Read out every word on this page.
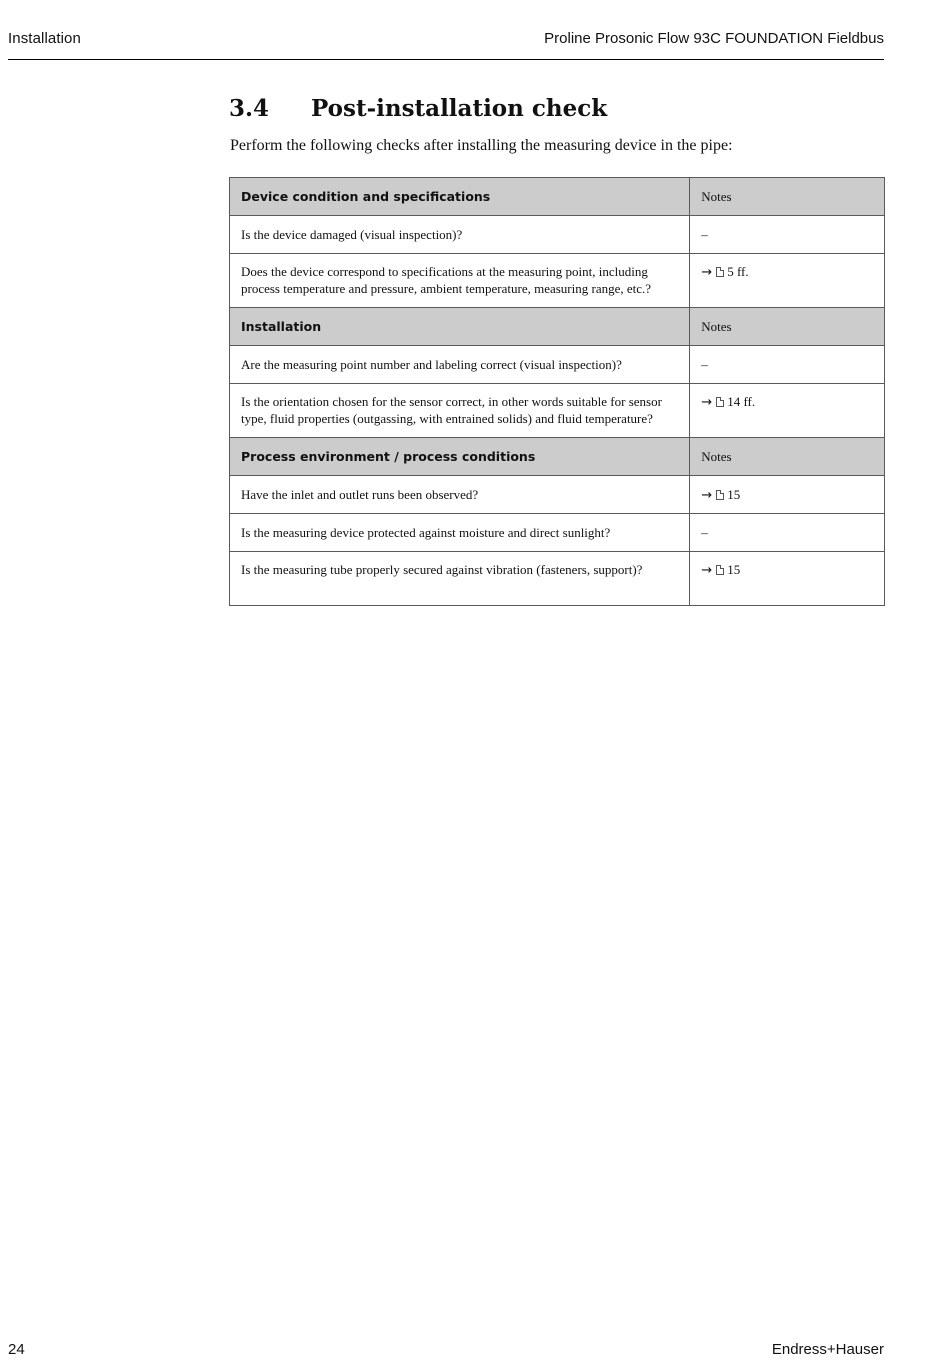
Installation	Proline Prosonic Flow 93C FOUNDATION Fieldbus
3.4 Post-installation check
Perform the following checks after installing the measuring device in the pipe:
Device condition and specifications	Notes
Is the device damaged (visual inspection)?	–
Does the device correspond to specifications at the measuring point, including process temperature and pressure, ambient temperature, measuring range, etc.?	→ 5 ff.
Installation	Notes
Are the measuring point number and labeling correct (visual inspection)?	–
Is the orientation chosen for the sensor correct, in other words suitable for sensor type, fluid properties (outgassing, with entrained solids) and fluid temperature?	→ 14 ff.
Process environment / process conditions	Notes
Have the inlet and outlet runs been observed?	→ 15
Is the measuring device protected against moisture and direct sunlight?	–
Is the measuring tube properly secured against vibration (fasteners, support)?	→ 15
24	Endress+Hauser
